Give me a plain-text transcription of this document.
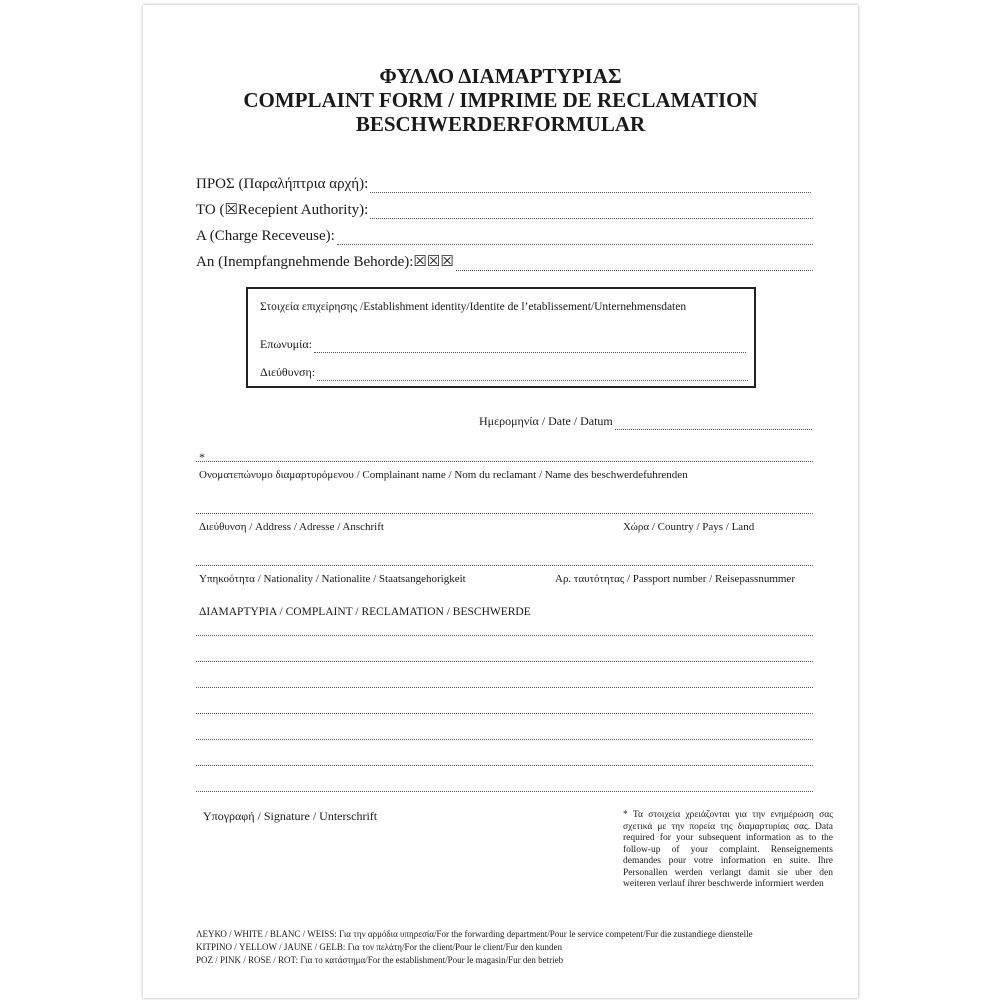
ΦΥΛΛΟ ΔΙΑΜΑΡΤΥΡΙΑΣ
COMPLAINT FORM / IMPRIME DE RECLAMATION
BESCHWERDERFORMULAR
ΠΡΟΣ (Παραλήπτρια αρχή):
TO (☒Recepient Authority):
A (Charge Receveuse):
An (Inempfangnehmende Behorde):☒☒☒
Στοιχεία επιχείρησης /Establishment identity/Identite de l’etablissement/Unternehmensdaten
Επωνυμία:
Διεύθυνση:
Ημερομηνία / Date / Datum
*
Ονοματεπώνυμο διαμαρτυρόμενου / Complainant name / Nom du reclamant / Name des beschwerdefuhrenden
Διεύθυνση / Address / Adresse / Anschrift	Χώρα / Country / Pays / Land
Υπηκοότητα / Nationality / Nationalite / Staatsangehorigkeit	Αρ. ταυτότητας / Passport number / Reisepassnummer
ΔΙΑΜΑΡΤΥΡΙΑ / COMPLAINT / RECLAMATION / BESCHWERDE
Υπογραφή / Signature / Unterschrift	* Τα στοιχεία χρειάζονται για την ενημέρωση σας σχετικά με την πορεία της διαμαρτυρίας σας. Data required for your subsequent information as to the follow-up of your complaint. Renseignements demandes pour votre information en suite. Ihre Personallen werden verlangt damit sie uber den weiteren verlauf ihrer beschwerde informiert werden
ΛΕΥΚΟ / WHITE / BLANC / WEISS: Για την αρμόδια υπηρεσία/For the forwarding department/Pour le service competent/Fur die zustandiege dienstelle
ΚΙΤΡΙΝΟ / YELLOW / JAUNE / GELB: Για τον πελάτη/For the client/Pour le client/Fur den kunden
ΡΟΖ / PINK / ROSE / ROT: Για το κατάστημα/For the establishment/Pour le magasin/Fur den betrieb
